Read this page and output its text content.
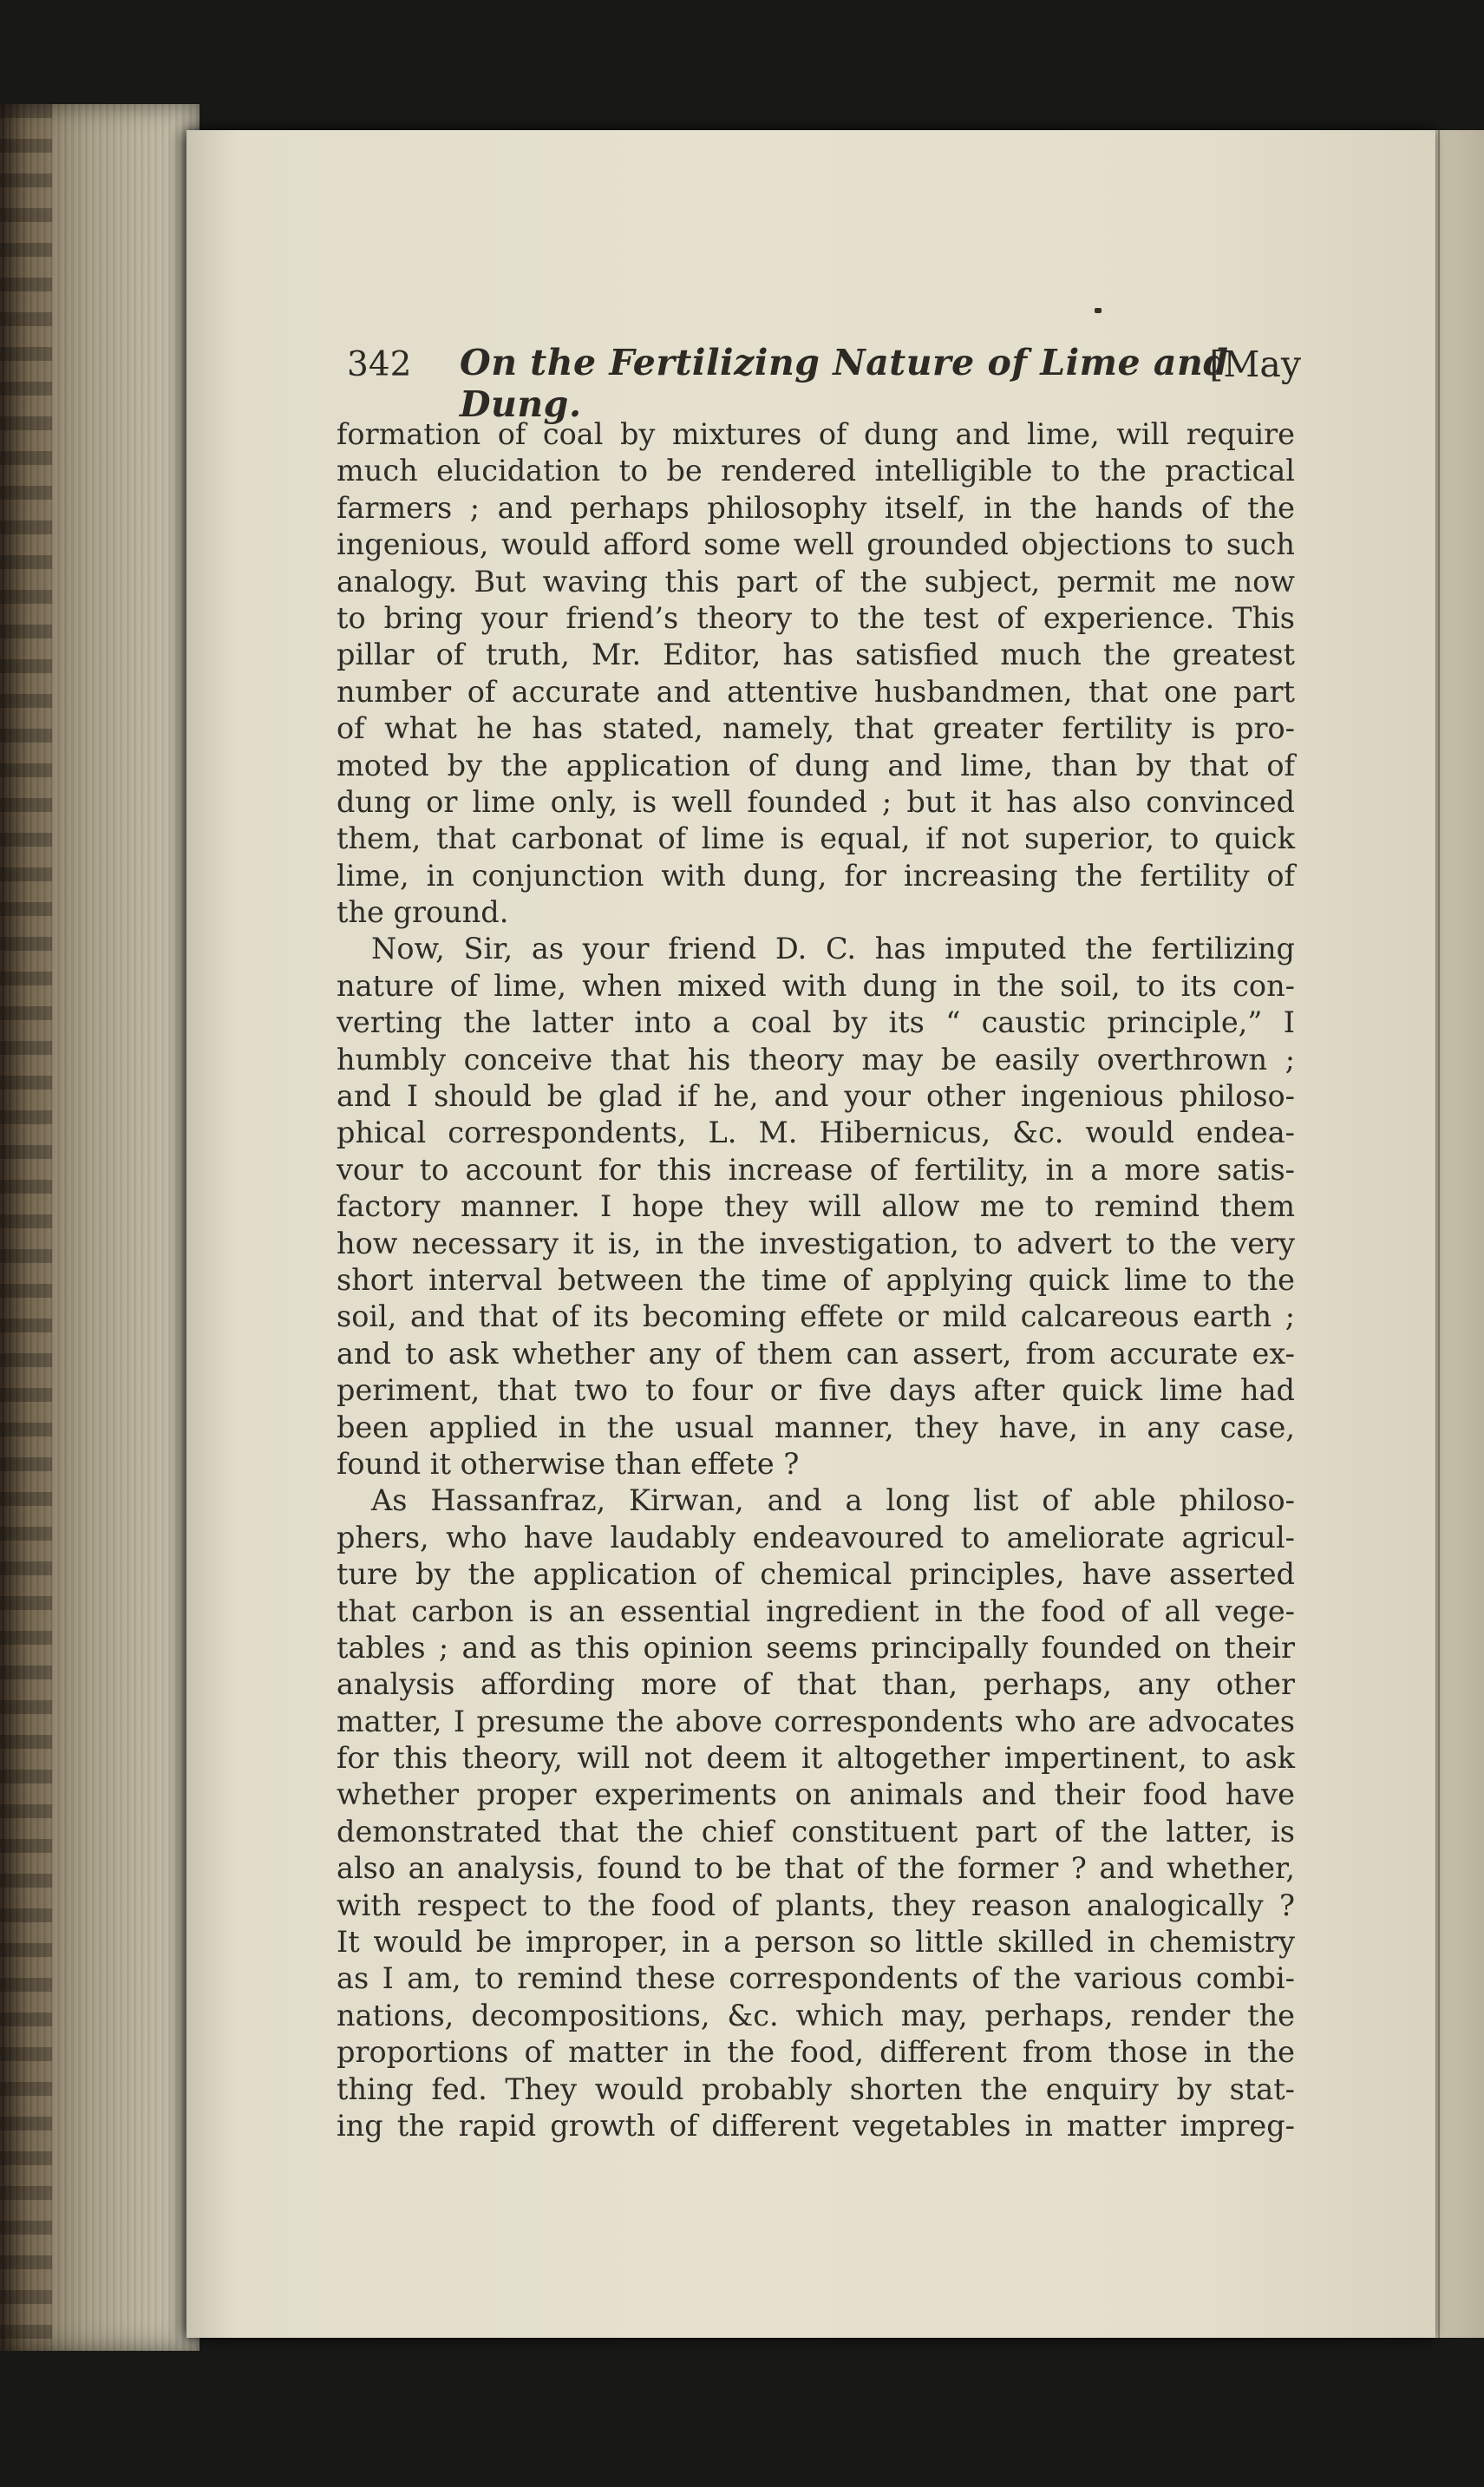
342 On the Fertilizing Nature of Lime and Dung.
[May
formation of coal by mixtures of dung and lime, will require
much elucidation to be rendered intelligible to the practical
farmers ; and perhaps philosophy itself, in the hands of the
ingenious, would afford some well grounded objections to such
analogy. But waving this part of the subject, permit me now
to bring your friend’s theory to the test of experience. This
pillar of truth, Mr. Editor, has satisfied much the greatest
number of accurate and attentive husbandmen, that one part
of what he has stated, namely, that greater fertility is pro-
moted by the application of dung and lime, than by that of
dung or lime only, is well founded ; but it has also convinced
them, that carbonat of lime is equal, if not superior, to quick
lime, in conjunction with dung, for increasing the fertility of
the ground.
Now, Sir, as your friend D. C. has imputed the fertilizing
nature of lime, when mixed with dung in the soil, to its con-
verting the latter into a coal by its “ caustic principle,” I
humbly conceive that his theory may be easily overthrown ;
and I should be glad if he, and your other ingenious philoso-
phical correspondents, L. M. Hibernicus, &c. would endea-
vour to account for this increase of fertility, in a more satis-
factory manner. I hope they will allow me to remind them
how necessary it is, in the investigation, to advert to the very
short interval between the time of applying quick lime to the
soil, and that of its becoming effete or mild calcareous earth ;
and to ask whether any of them can assert, from accurate ex-
periment, that two to four or five days after quick lime had
been applied in the usual manner, they have, in any case,
found it otherwise than effete ?
As Hassanfraz, Kirwan, and a long list of able philoso-
phers, who have laudably endeavoured to ameliorate agricul-
ture by the application of chemical principles, have asserted
that carbon is an essential ingredient in the food of all vege-
tables ; and as this opinion seems principally founded on their
analysis affording more of that than, perhaps, any other
matter, I presume the above correspondents who are advocates
for this theory, will not deem it altogether impertinent, to ask
whether proper experiments on animals and their food have
demonstrated that the chief constituent part of the latter, is
also an analysis, found to be that of the former ? and whether,
with respect to the food of plants, they reason analogically ?
It would be improper, in a person so little skilled in chemistry
as I am, to remind these correspondents of the various combi-
nations, decompositions, &c. which may, perhaps, render the
proportions of matter in the food, different from those in the
thing fed. They would probably shorten the enquiry by stat-
ing the rapid growth of different vegetables in matter impreg-
